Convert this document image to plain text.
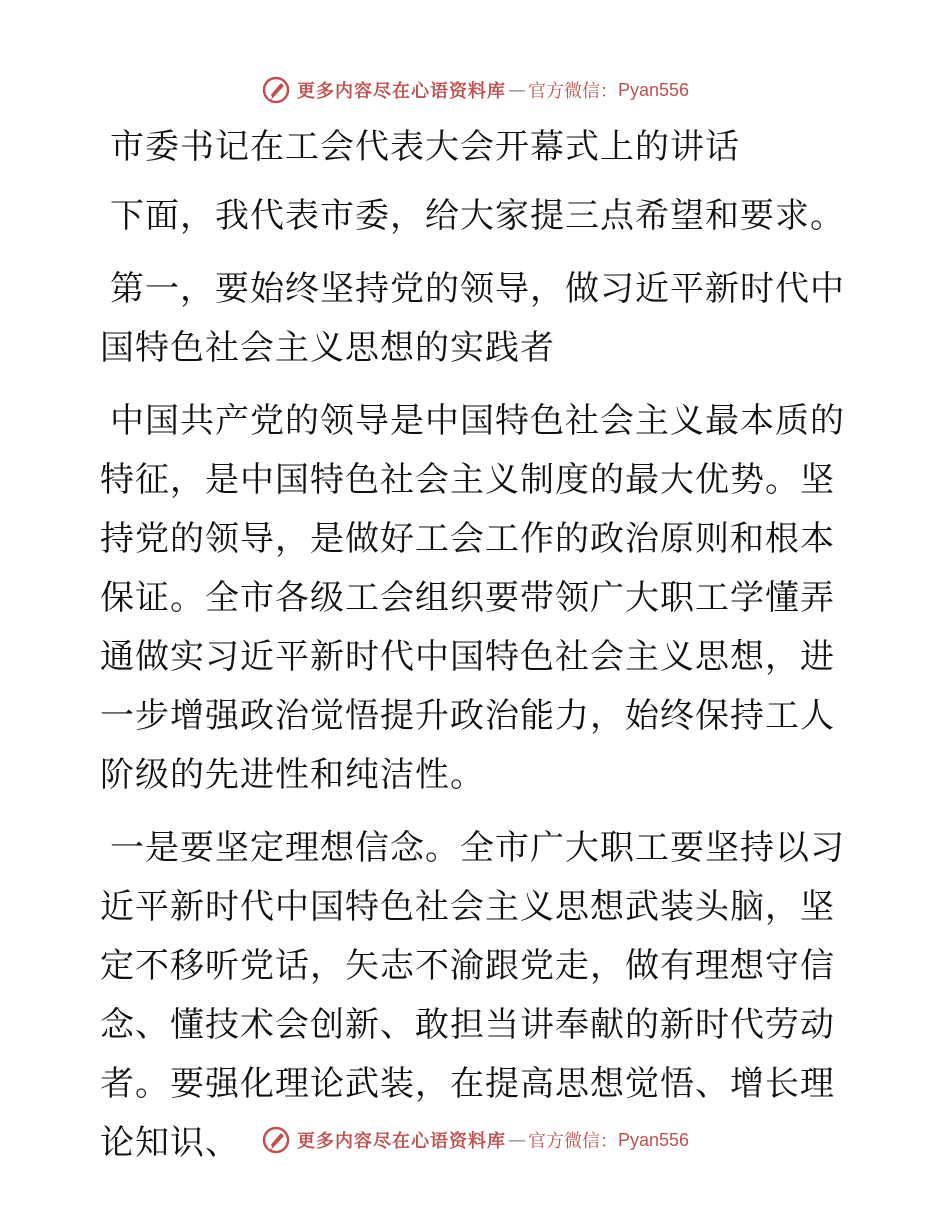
更多内容尽在心语资料库 — 官方微信： Pyan556

市委书记在工会代表大会开幕式上的讲话

下面，我代表市委，给大家提三点希望和要求。

第一，要始终坚持党的领导，做习近平新时代中国特色社会主义思想的实践者

中国共产党的领导是中国特色社会主义最本质的特征，是中国特色社会主义制度的最大优势。坚持党的领导，是做好工会工作的政治原则和根本保证。全市各级工会组织要带领广大职工学懂弄通做实习近平新时代中国特色社会主义思想，进一步增强政治觉悟提升政治能力，始终保持工人阶级的先进性和纯洁性。

一是要坚定理想信念。全市广大职工要坚持以习近平新时代中国特色社会主义思想武装头脑，坚定不移听党话，矢志不渝跟党走，做有理想守信念、懂技术会创新、敢担当讲奉献的新时代劳动者。要强化理论武装，在提高思想觉悟、增长理论知识、	更多内容尽在心语资料库 — 官方微信： Pyan556
